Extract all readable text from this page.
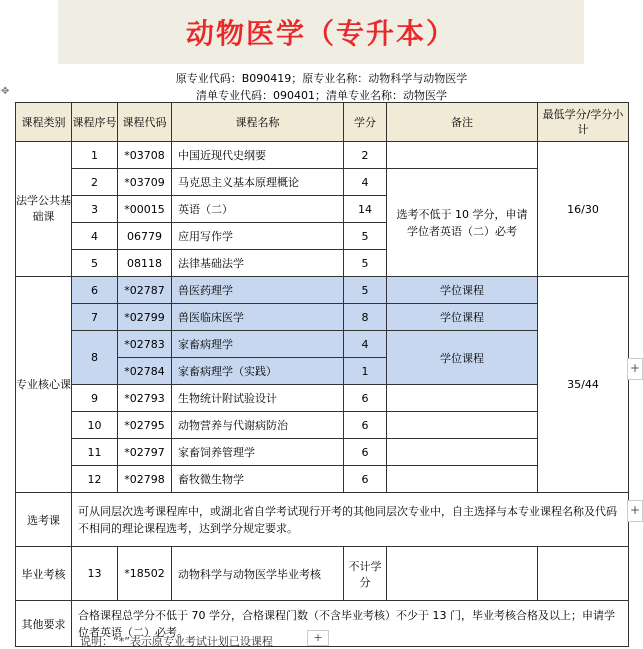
动物医学（专升本）
✥
原专业代码：B090419；原专业名称：动物科学与动物医学
清单专业代码：090401；清单专业名称：动物医学
课程类别	课程序号	课程代码	课程名称	学分	备注	最低学分/学分小计
法学公共基础课	1	*03708	中国近现代史纲要	2		16/30
	2	*03709	马克思主义基本原理概论	4	选考不低于 10 学分，申请学位者英语（二）必考	
	3	*00015	英语（二）	14		
	4	06779	应用写作学	5		
	5	08118	法律基础法学	5		
专业核心课	6	*02787	兽医药理学	5	学位课程	35/44
	7	*02799	兽医临床医学	8	学位课程	
	8	*02783	家畜病理学	4	学位课程	
		*02784	家畜病理学（实践）	1		
	9	*02793	生物统计附试验设计	6		
	10	*02795	动物营养与代谢病防治	6		
	11	*02797	家畜饲养管理学	6		
	12	*02798	畜牧微生物学	6		
选考课	可从同层次选考课程库中，或湖北省自学考试现行开考的其他同层次专业中，自主选择与本专业课程名称及代码不相同的理论课程选考，达到学分规定要求。					
毕业考核	13	*18502	动物科学与动物医学毕业考核	不计学分		
其他要求	合格课程总学分不低于 70 学分，合格课程门数（不含毕业考核）不少于 13 门，毕业考核合格及以上；申请学位者英语（二）必考。					
+
+
说明：“*”表示原专业考试计划已设课程	+
